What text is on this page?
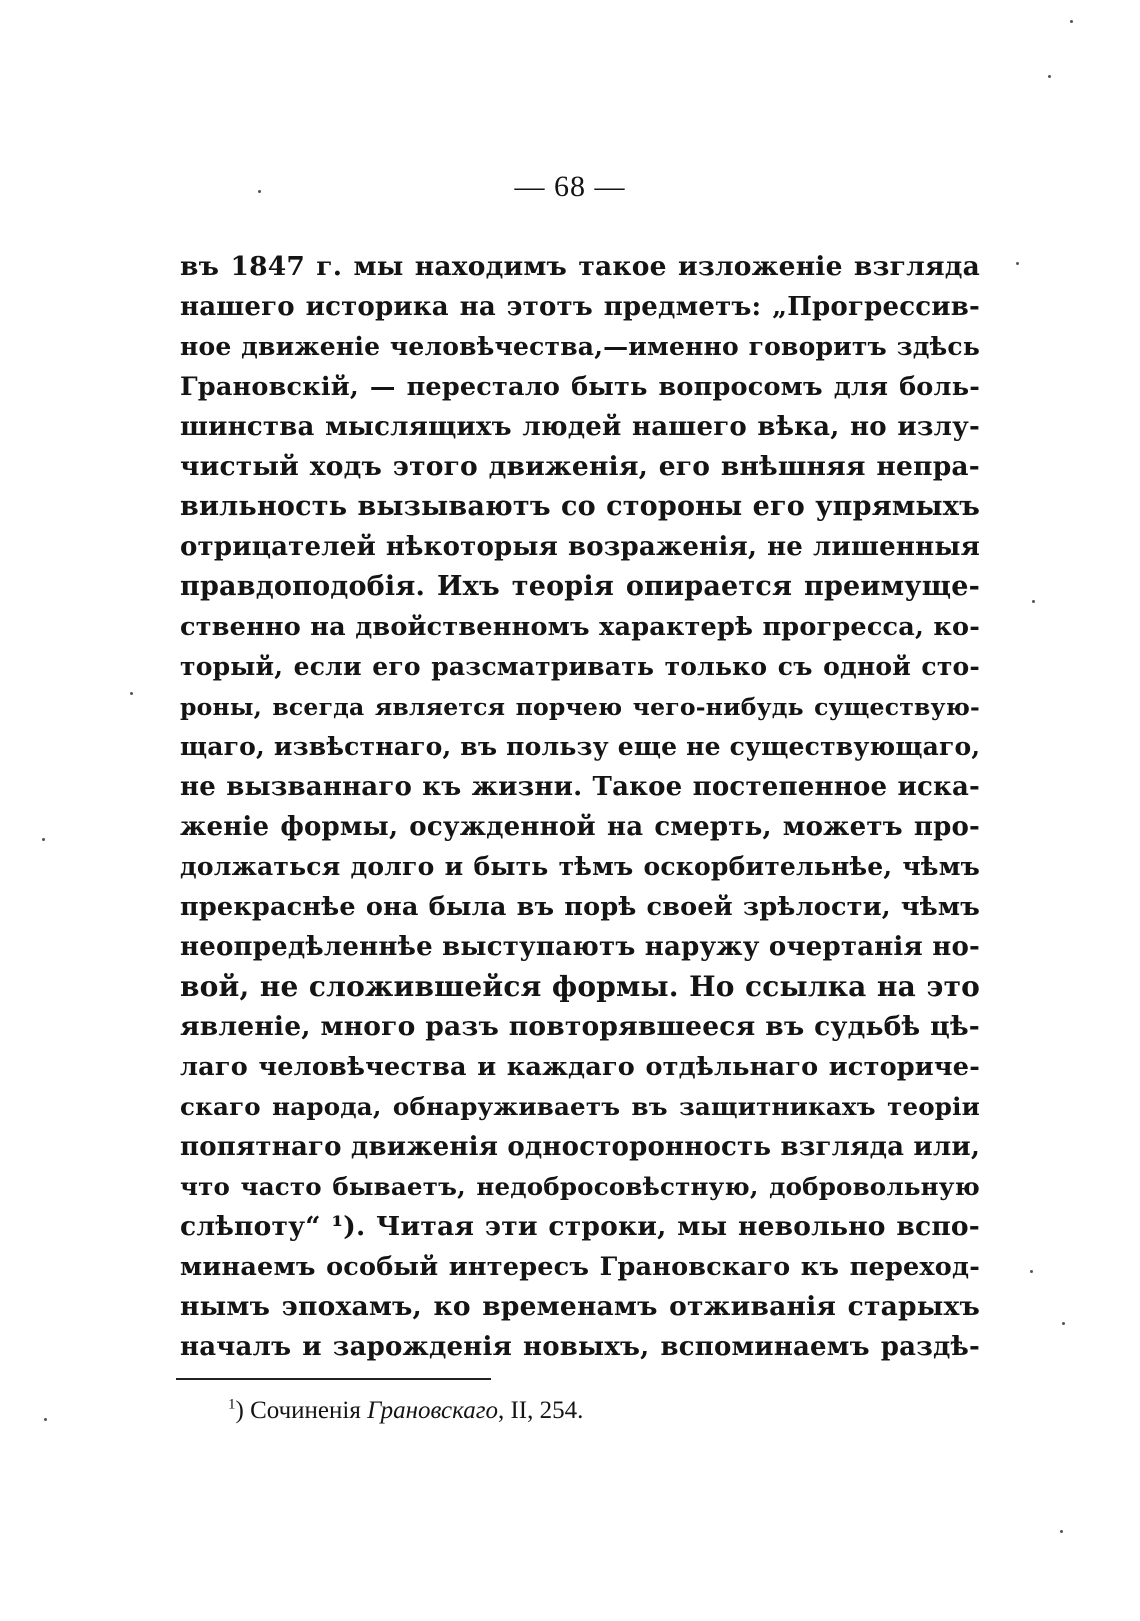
— 68 —
въ 1847 г. мы находимъ такое изложеніе взгляда
нашего историка на этотъ предметъ: „Прогрессив-
ное движеніе человѣчества,—именно говоритъ здѣсь
Грановскій, — перестало быть вопросомъ для боль-
шинства мыслящихъ людей нашего вѣка, но излу-
чистый ходъ этого движенія, его внѣшняя непра-
вильность вызываютъ со стороны его упрямыхъ
отрицателей нѣкоторыя возраженія, не лишенныя
правдоподобія. Ихъ теорія опирается преимуще-
ственно на двойственномъ характерѣ прогресса, ко-
торый, если его разсматривать только съ одной сто-
роны, всегда является порчею чего-нибудь существую-
щаго, извѣстнаго, въ пользу еще не существующаго,
не вызваннаго къ жизни. Такое постепенное иска-
женіе формы, осужденной на смерть, можетъ про-
должаться долго и быть тѣмъ оскорбительнѣе, чѣмъ
прекраснѣе она была въ порѣ своей зрѣлости, чѣмъ
неопредѣленнѣе выступаютъ наружу очертанія но-
вой, не сложившейся формы. Но ссылка на это
явленіе, много разъ повторявшееся въ судьбѣ цѣ-
лаго человѣчества и каждаго отдѣльнаго историче-
скаго народа, обнаруживаетъ въ защитникахъ теоріи
попятнаго движенія односторонность взгляда или,
что часто бываетъ, недобросовѣстную, добровольную
слѣпоту“ ¹). Читая эти строки, мы невольно вспо-
минаемъ особый интересъ Грановскаго къ переход-
нымъ эпохамъ, ко временамъ отживанія старыхъ
началъ и зарожденія новыхъ, вспоминаемъ раздѣ-
$^1$) Сочиненія Грановскаго, II, 254.
